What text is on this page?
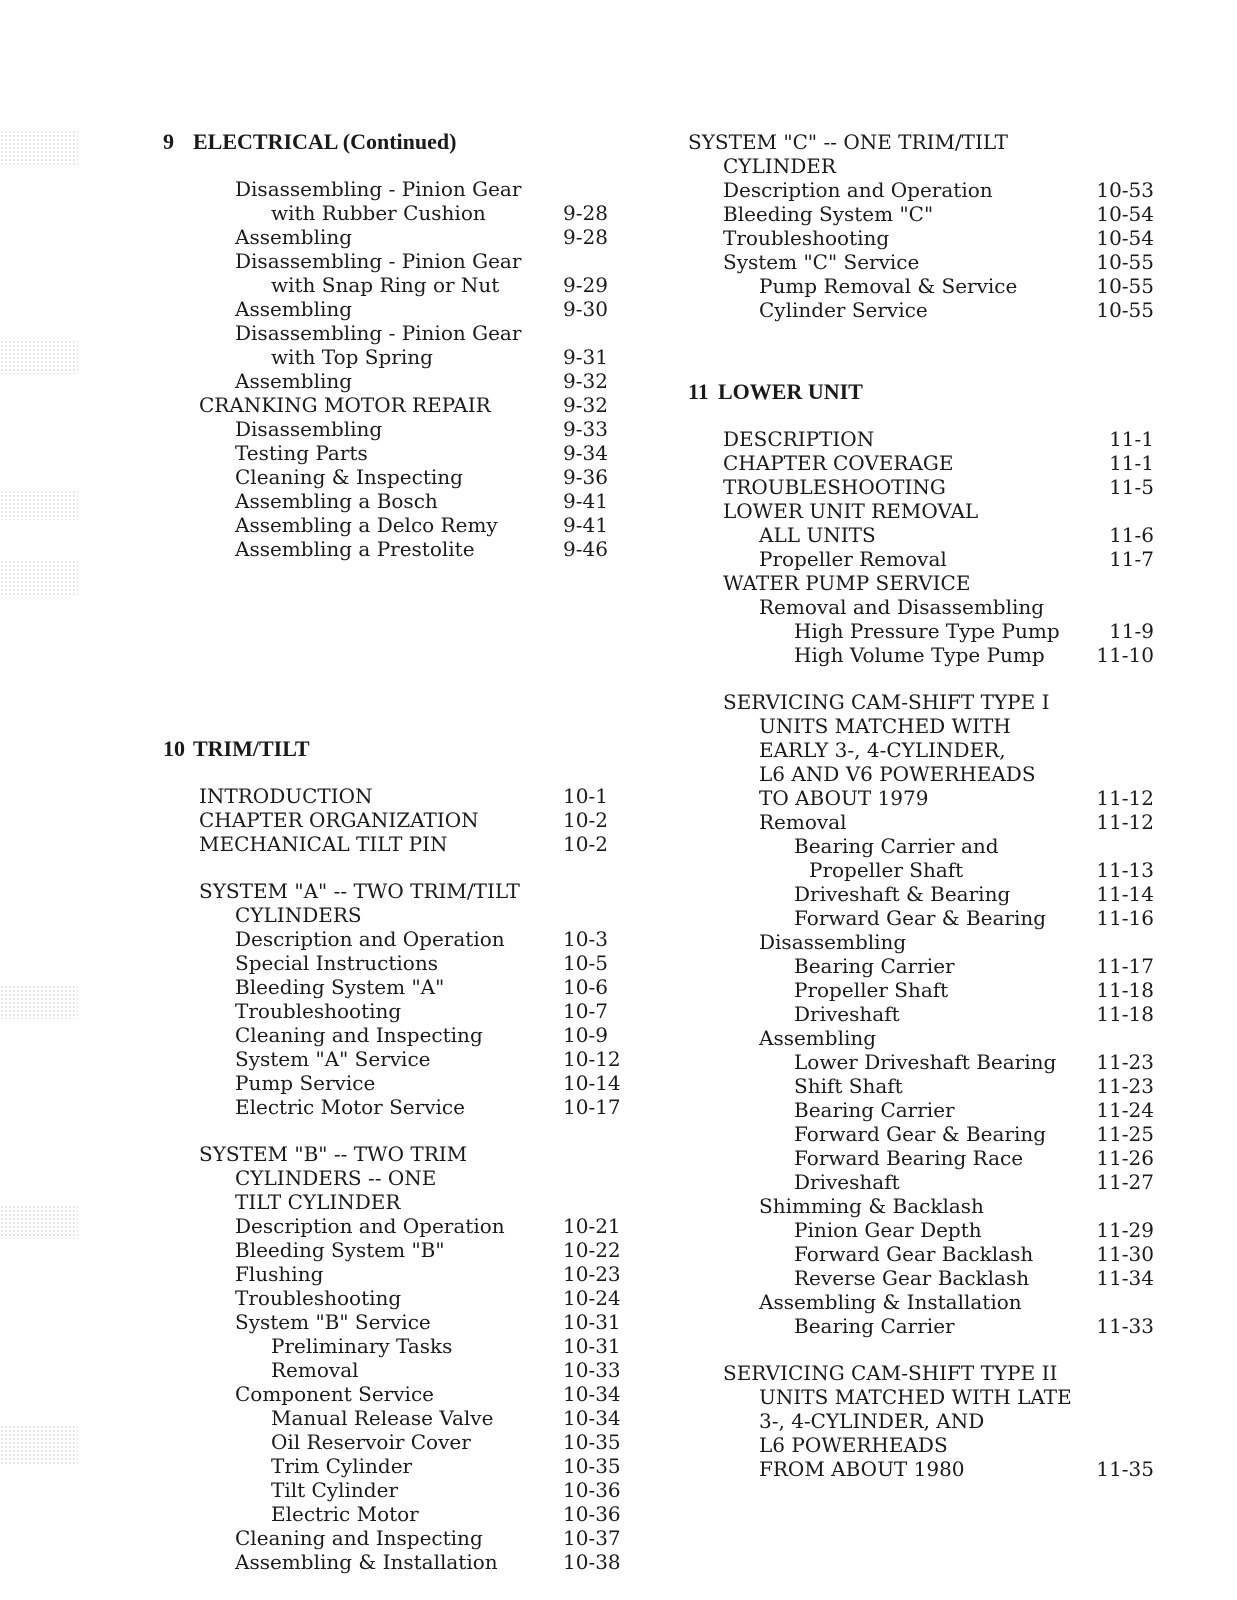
9 ELECTRICAL (Continued)
Disassembling - Pinion Gear
with Rubber Cushion	9-28
Assembling	9-28
Disassembling - Pinion Gear
with Snap Ring or Nut	9-29
Assembling	9-30
Disassembling - Pinion Gear
with Top Spring	9-31
Assembling	9-32
CRANKING MOTOR REPAIR	9-32
Disassembling	9-33
Testing Parts	9-34
Cleaning & Inspecting	9-36
Assembling a Bosch	9-41
Assembling a Delco Remy	9-41
Assembling a Prestolite	9-46
10 TRIM/TILT
INTRODUCTION	10-1
CHAPTER ORGANIZATION	10-2
MECHANICAL TILT PIN	10-2
SYSTEM "A" -- TWO TRIM/TILT
CYLINDERS
Description and Operation	10-3
Special Instructions	10-5
Bleeding System "A"	10-6
Troubleshooting	10-7
Cleaning and Inspecting	10-9
System "A" Service	10-12
Pump Service	10-14
Electric Motor Service	10-17
SYSTEM "B" -- TWO TRIM
CYLINDERS -- ONE
TILT CYLINDER
Description and Operation	10-21
Bleeding System "B"	10-22
Flushing	10-23
Troubleshooting	10-24
System "B" Service	10-31
Preliminary Tasks	10-31
Removal	10-33
Component Service	10-34
Manual Release Valve	10-34
Oil Reservoir Cover	10-35
Trim Cylinder	10-35
Tilt Cylinder	10-36
Electric Motor	10-36
Cleaning and Inspecting	10-37
Assembling & Installation	10-38
SYSTEM "C" -- ONE TRIM/TILT
CYLINDER
Description and Operation	10-53
Bleeding System "C"	10-54
Troubleshooting	10-54
System "C" Service	10-55
Pump Removal & Service	10-55
Cylinder Service	10-55
11 LOWER UNIT
DESCRIPTION	11-1
CHAPTER COVERAGE	11-1
TROUBLESHOOTING	11-5
LOWER UNIT REMOVAL
ALL UNITS	11-6
Propeller Removal	11-7
WATER PUMP SERVICE
Removal and Disassembling
High Pressure Type Pump 11-9
High Volume Type Pump	11-10
SERVICING CAM-SHIFT TYPE I
UNITS MATCHED WITH
EARLY 3-, 4-CYLINDER,
L6 AND V6 POWERHEADS
TO ABOUT 1979	11-12
Removal	11-12
Bearing Carrier and
Propeller Shaft	11-13
Driveshaft & Bearing	11-14
Forward Gear & Bearing	11-16
Disassembling
Bearing Carrier	11-17
Propeller Shaft	11-18
Driveshaft	11-18
Assembling
Lower Driveshaft Bearing 11-23
Shift Shaft	11-23
Bearing Carrier	11-24
Forward Gear & Bearing	11-25
Forward Bearing Race	11-26
Driveshaft	11-27
Shimming & Backlash
Pinion Gear Depth	11-29
Forward Gear Backlash	11-30
Reverse Gear Backlash	11-34
Assembling & Installation
Bearing Carrier	11-33
SERVICING CAM-SHIFT TYPE II
UNITS MATCHED WITH LATE
3-, 4-CYLINDER, AND
L6 POWERHEADS
FROM ABOUT 1980	11-35
